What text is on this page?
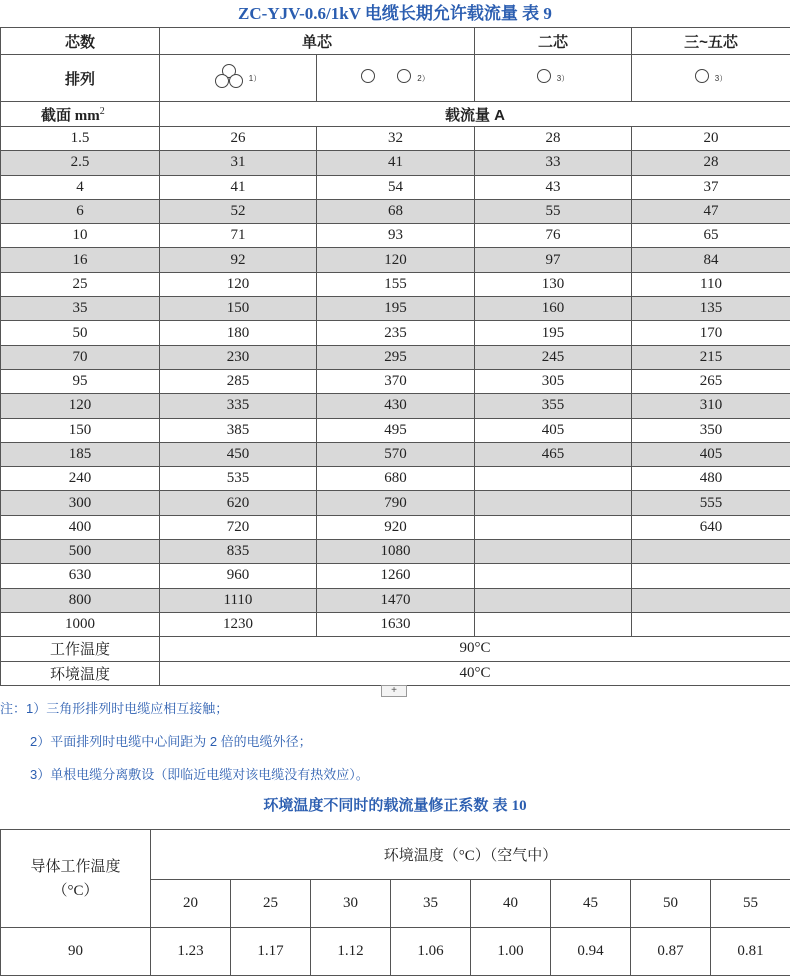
ZC-YJV-0.6/1kV 电缆长期允许载流量 表 9
芯数	单芯		二芯	三~五芯
排列	1）	2）	3）	3）

截面 $mm^2$	载流量 A			
1.5	26	32	28	20
2.5	31	41	33	28
4	41	54	43	37
6	52	68	55	47
10	71	93	76	65
16	92	120	97	84
25	120	155	130	110
35	150	195	160	135
50	180	235	195	170
70	230	295	245	215
95	285	370	305	265
120	335	430	355	310
150	385	495	405	350
185	450	570	465	405
240	535	680		480
300	620	790		555
400	720	920		640
500	835	1080		
630	960	1260		
800	1110	1470		
1000	1230	1630		
工作温度	90°C			
环境温度	40°C			
+
注：1）三角形排列时电缆应相互接触；
2）平面排列时电缆中心间距为 2 倍的电缆外径；
3）单根电缆分离敷设（即临近电缆对该电缆没有热效应）。
环境温度不同时的载流量修正系数 表 10
导体工作温度
（°C）	环境温度（°C）（空气中）							
	20	25	30	35	40	45	50	55
90	1.23	1.17	1.12	1.06	1.00	0.94	0.87	0.81
